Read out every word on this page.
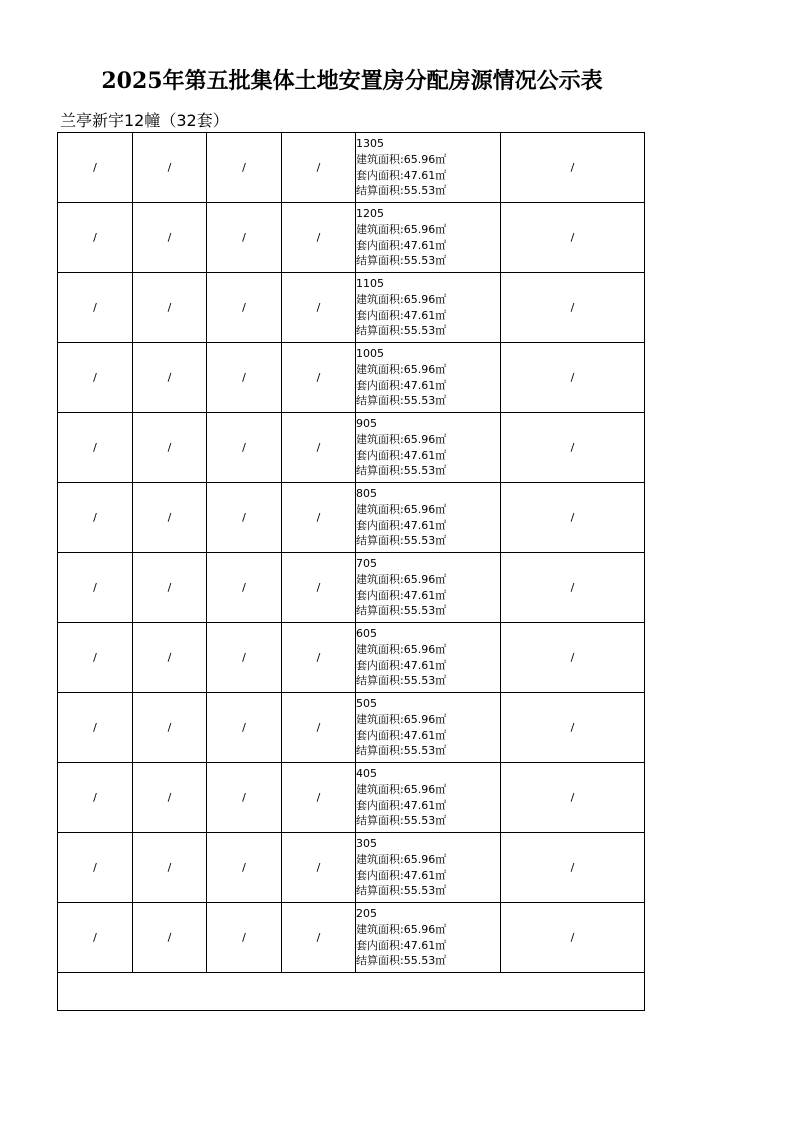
2025年第五批集体土地安置房分配房源情况公示表
兰亭新宇12幢（32套）
/	/	/	/	1305
建筑面积:65.96㎡
套内面积:47.61㎡
结算面积:55.53㎡	/
/	/	/	/	1205
建筑面积:65.96㎡
套内面积:47.61㎡
结算面积:55.53㎡	/
/	/	/	/	1105
建筑面积:65.96㎡
套内面积:47.61㎡
结算面积:55.53㎡	/
/	/	/	/	1005
建筑面积:65.96㎡
套内面积:47.61㎡
结算面积:55.53㎡	/
/	/	/	/	905
建筑面积:65.96㎡
套内面积:47.61㎡
结算面积:55.53㎡	/
/	/	/	/	805
建筑面积:65.96㎡
套内面积:47.61㎡
结算面积:55.53㎡	/
/	/	/	/	705
建筑面积:65.96㎡
套内面积:47.61㎡
结算面积:55.53㎡	/
/	/	/	/	605
建筑面积:65.96㎡
套内面积:47.61㎡
结算面积:55.53㎡	/
/	/	/	/	505
建筑面积:65.96㎡
套内面积:47.61㎡
结算面积:55.53㎡	/
/	/	/	/	405
建筑面积:65.96㎡
套内面积:47.61㎡
结算面积:55.53㎡	/
/	/	/	/	305
建筑面积:65.96㎡
套内面积:47.61㎡
结算面积:55.53㎡	/
/	/	/	/	205
建筑面积:65.96㎡
套内面积:47.61㎡
结算面积:55.53㎡	/
